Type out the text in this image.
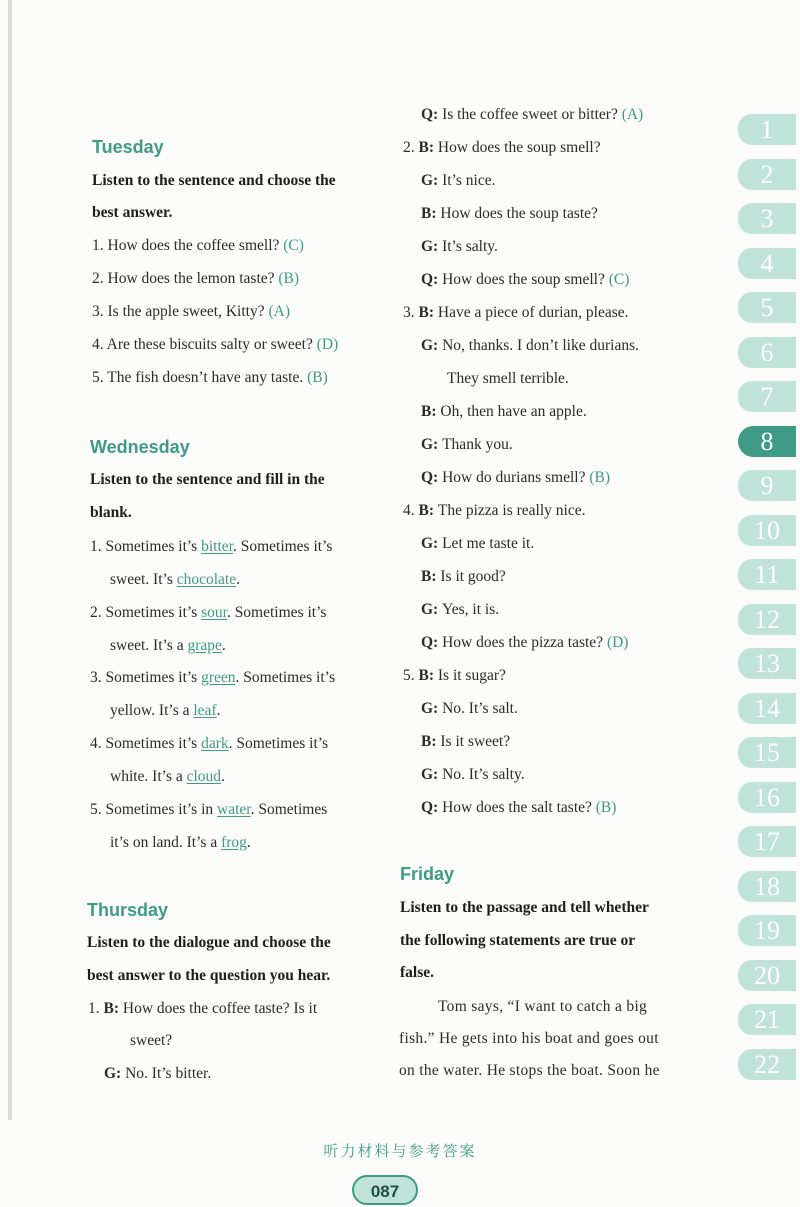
Tuesday
Listen to the sentence and choose the
best answer.
1. How does the coffee smell? (C)
2. How does the lemon taste? (B)
3. Is the apple sweet, Kitty? (A)
4. Are these biscuits salty or sweet? (D)
5. The fish doesn’t have any taste. (B)
Wednesday
Listen to the sentence and fill in the
blank.
1. Sometimes it’s bitter. Sometimes it’s
sweet. It’s chocolate.
2. Sometimes it’s sour. Sometimes it’s
sweet. It’s a grape.
3. Sometimes it’s green. Sometimes it’s
yellow. It’s a leaf.
4. Sometimes it’s dark. Sometimes it’s
white. It’s a cloud.
5. Sometimes it’s in water. Sometimes
it’s on land. It’s a frog.
Thursday
Listen to the dialogue and choose the
best answer to the question you hear.
1. B: How does the coffee taste? Is it
sweet?
G: No. It’s bitter.
Q: Is the coffee sweet or bitter? (A)
2. B: How does the soup smell?
G: It’s nice.
B: How does the soup taste?
G: It’s salty.
Q: How does the soup smell? (C)
3. B: Have a piece of durian, please.
G: No, thanks. I don’t like durians.
They smell terrible.
B: Oh, then have an apple.
G: Thank you.
Q: How do durians smell? (B)
4. B: The pizza is really nice.
G: Let me taste it.
B: Is it good?
G: Yes, it is.
Q: How does the pizza taste? (D)
5. B: Is it sugar?
G: No. It’s salt.
B: Is it sweet?
G: No. It’s salty.
Q: How does the salt taste? (B)
Friday
Listen to the passage and tell whether
the following statements are true or
false.
Tom says, “I want to catch a big
fish.” He gets into his boat and goes out
on the water. He stops the boat. Soon he
1
2
3
4
5
6
7
8
9
10
11
12
13
14
15
16
17
18
19
20
21
22
听力材料与参考答案
087
